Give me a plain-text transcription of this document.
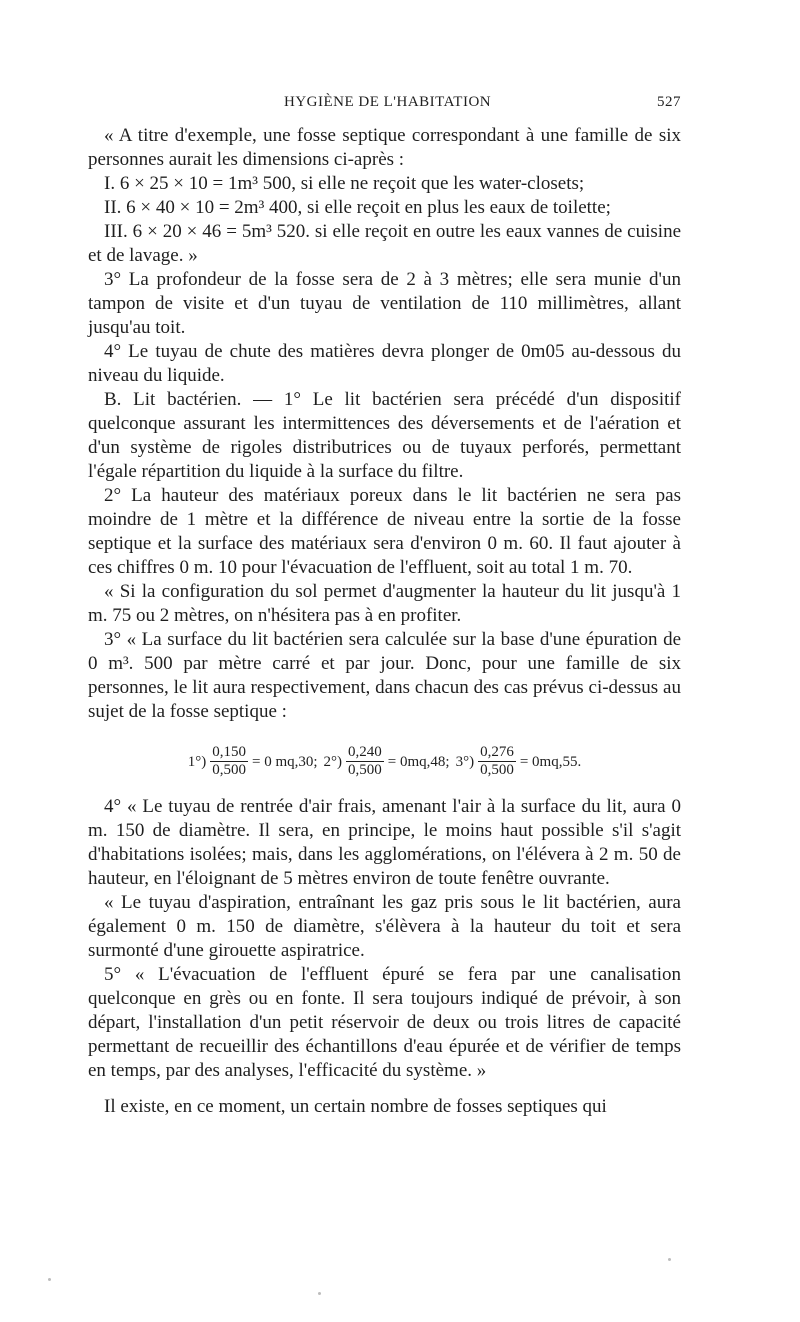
HYGIÈNE DE L'HABITATION	527

« A titre d'exemple, une fosse septique correspondant à une famille de six personnes aurait les dimensions ci-après :

I. 6 × 25 × 10 = 1m³ 500, si elle ne reçoit que les water-closets;

II. 6 × 40 × 10 = 2m³ 400, si elle reçoit en plus les eaux de toilette;

III. 6 × 20 × 46 = 5m³ 520. si elle reçoit en outre les eaux vannes de cuisine et de lavage. »

3° La profondeur de la fosse sera de 2 à 3 mètres; elle sera munie d'un tampon de visite et d'un tuyau de ventilation de 110 millimètres, allant jusqu'au toit.

4° Le tuyau de chute des matières devra plonger de 0m05 au-dessous du niveau du liquide.

B. Lit bactérien. — 1° Le lit bactérien sera précédé d'un dispositif quelconque assurant les intermittences des déversements et de l'aération et d'un système de rigoles distributrices ou de tuyaux perforés, permettant l'égale répartition du liquide à la surface du filtre.

2° La hauteur des matériaux poreux dans le lit bactérien ne sera pas moindre de 1 mètre et la différence de niveau entre la sortie de la fosse septique et la surface des matériaux sera d'environ 0 m. 60. Il faut ajouter à ces chiffres 0 m. 10 pour l'évacuation de l'effluent, soit au total 1 m. 70.

« Si la configuration du sol permet d'augmenter la hauteur du lit jusqu'à 1 m. 75 ou 2 mètres, on n'hésitera pas à en profiter.

3° « La surface du lit bactérien sera calculée sur la base d'une épuration de 0 m³. 500 par mètre carré et par jour. Donc, pour une famille de six personnes, le lit aura respectivement, dans chacun des cas prévus ci-dessus au sujet de la fosse septique :

$1^\circ) \frac{0,150}{0,500} = 0$ mq,30; $2^\circ) \frac{0,240}{0,500} = 0mq,48$; $3^\circ) \frac{0,276}{0,500} = 0mq,55$.

4° « Le tuyau de rentrée d'air frais, amenant l'air à la surface du lit, aura 0 m. 150 de diamètre. Il sera, en principe, le moins haut possible s'il s'agit d'habitations isolées; mais, dans les agglomérations, on l'élévera à 2 m. 50 de hauteur, en l'éloignant de 5 mètres environ de toute fenêtre ouvrante.

« Le tuyau d'aspiration, entraînant les gaz pris sous le lit bactérien, aura également 0 m. 150 de diamètre, s'élèvera à la hauteur du toit et sera surmonté d'une girouette aspiratrice.

5° « L'évacuation de l'effluent épuré se fera par une canalisation quelconque en grès ou en fonte. Il sera toujours indiqué de prévoir, à son départ, l'installation d'un petit réservoir de deux ou trois litres de capacité permettant de recueillir des échantillons d'eau épurée et de vérifier de temps en temps, par des analyses, l'efficacité du système. »

Il existe, en ce moment, un certain nombre de fosses septiques qui
